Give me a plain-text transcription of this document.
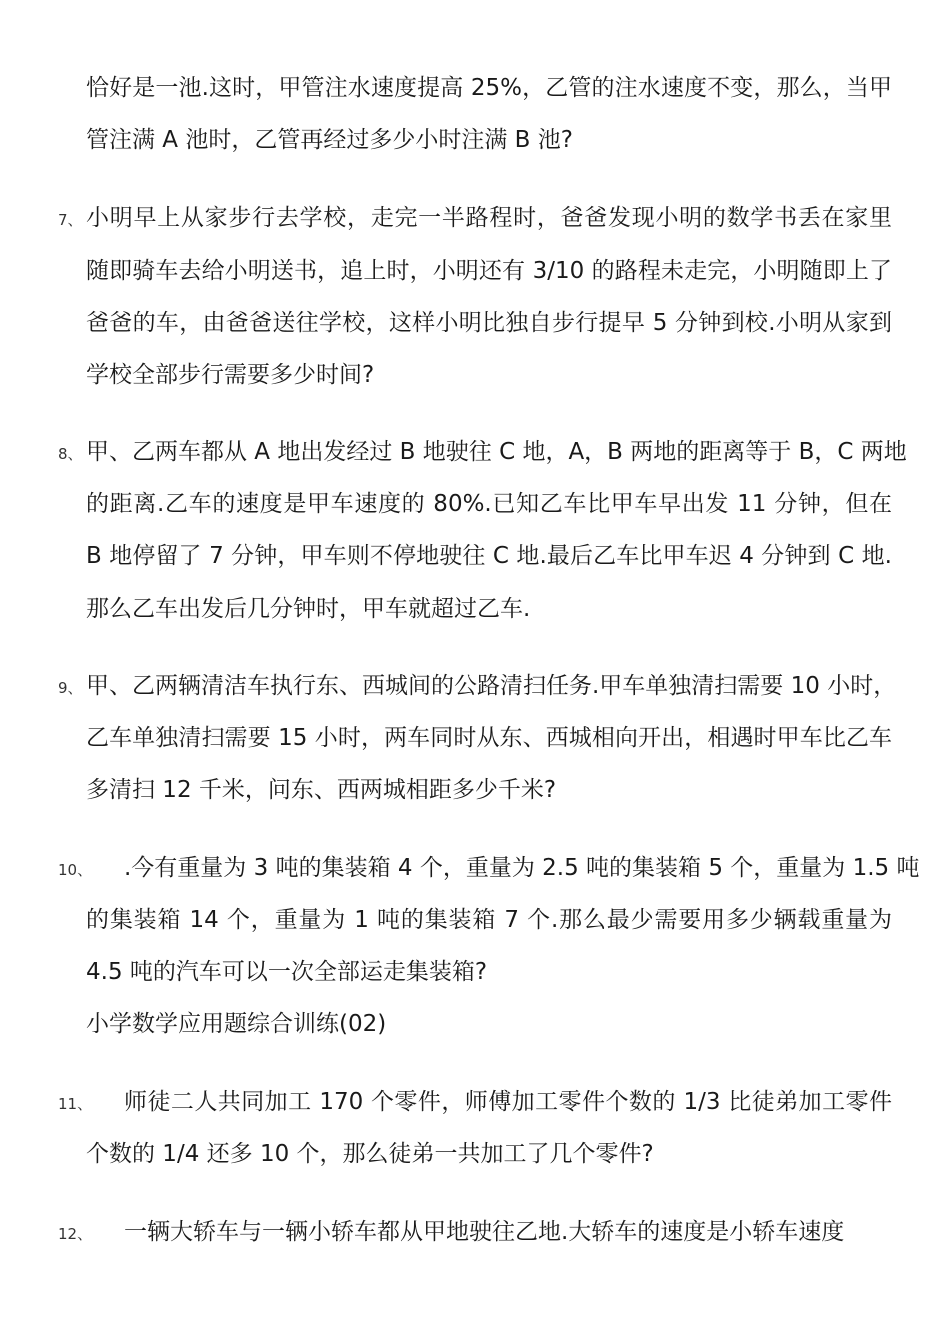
恰好是一池.这时，甲管注水速度提高 25%，乙管的注水速度不变，那么，当甲
管注满 A 池时，乙管再经过多少小时注满 B 池?
7、 小明早上从家步行去学校，走完一半路程时，爸爸发现小明的数学书丢在家里
随即骑车去给小明送书，追上时，小明还有 3/10 的路程未走完，小明随即上了
爸爸的车，由爸爸送往学校，这样小明比独自步行提早 5 分钟到校.小明从家到
学校全部步行需要多少时间?
8、 甲、乙两车都从 A 地出发经过 B 地驶往 C 地，A，B 两地的距离等于 B，C 两地
的距离.乙车的速度是甲车速度的 80%.已知乙车比甲车早出发 11 分钟，但在
B 地停留了 7 分钟，甲车则不停地驶往 C 地.最后乙车比甲车迟 4 分钟到 C 地.
那么乙车出发后几分钟时，甲车就超过乙车.
9、 甲、乙两辆清洁车执行东、西城间的公路清扫任务.甲车单独清扫需要 10 小时，
乙车单独清扫需要 15 小时，两车同时从东、西城相向开出，相遇时甲车比乙车
多清扫 12 千米，问东、西两城相距多少千米?
10、 .今有重量为 3 吨的集装箱 4 个，重量为 2.5 吨的集装箱 5 个，重量为 1.5 吨
的集装箱 14 个，重量为 1 吨的集装箱 7 个.那么最少需要用多少辆载重量为
4.5 吨的汽车可以一次全部运走集装箱?
小学数学应用题综合训练(02)
11、 师徒二人共同加工 170 个零件，师傅加工零件个数的 1/3 比徒弟加工零件
个数的 1/4 还多 10 个，那么徒弟一共加工了几个零件?
12、 一辆大轿车与一辆小轿车都从甲地驶往乙地.大轿车的速度是小轿车速度
